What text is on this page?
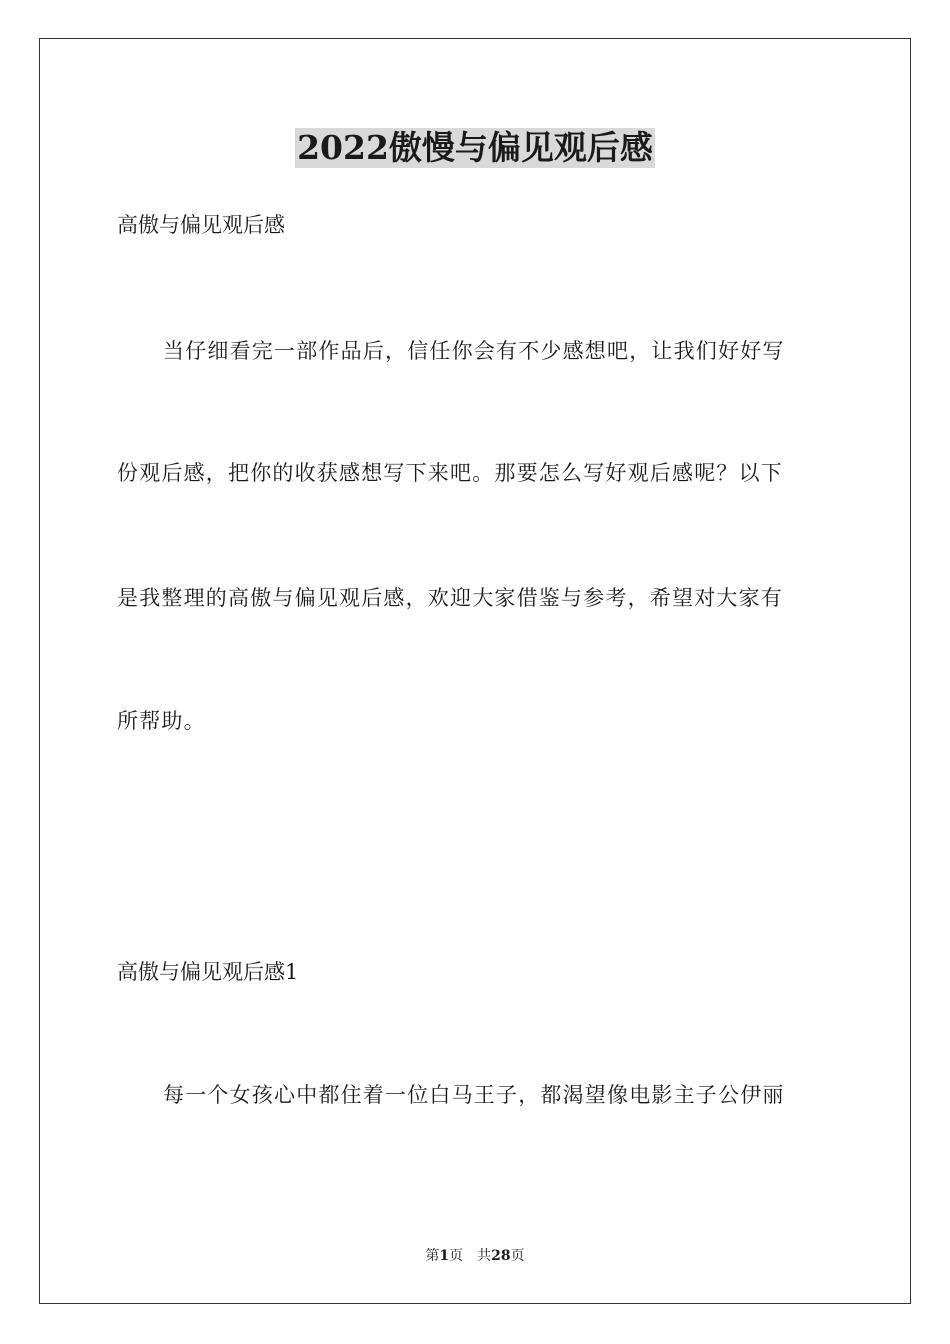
2022傲慢与偏见观后感
高傲与偏见观后感
当仔细看完一部作品后，信任你会有不少感想吧，让我们好好写
份观后感，把你的收获感想写下来吧。那要怎么写好观后感呢？以下
是我整理的高傲与偏见观后感，欢迎大家借鉴与参考，希望对大家有
所帮助。
高傲与偏见观后感1
每一个女孩心中都住着一位白马王子，都渴望像电影主子公伊丽
第1页 共28页
